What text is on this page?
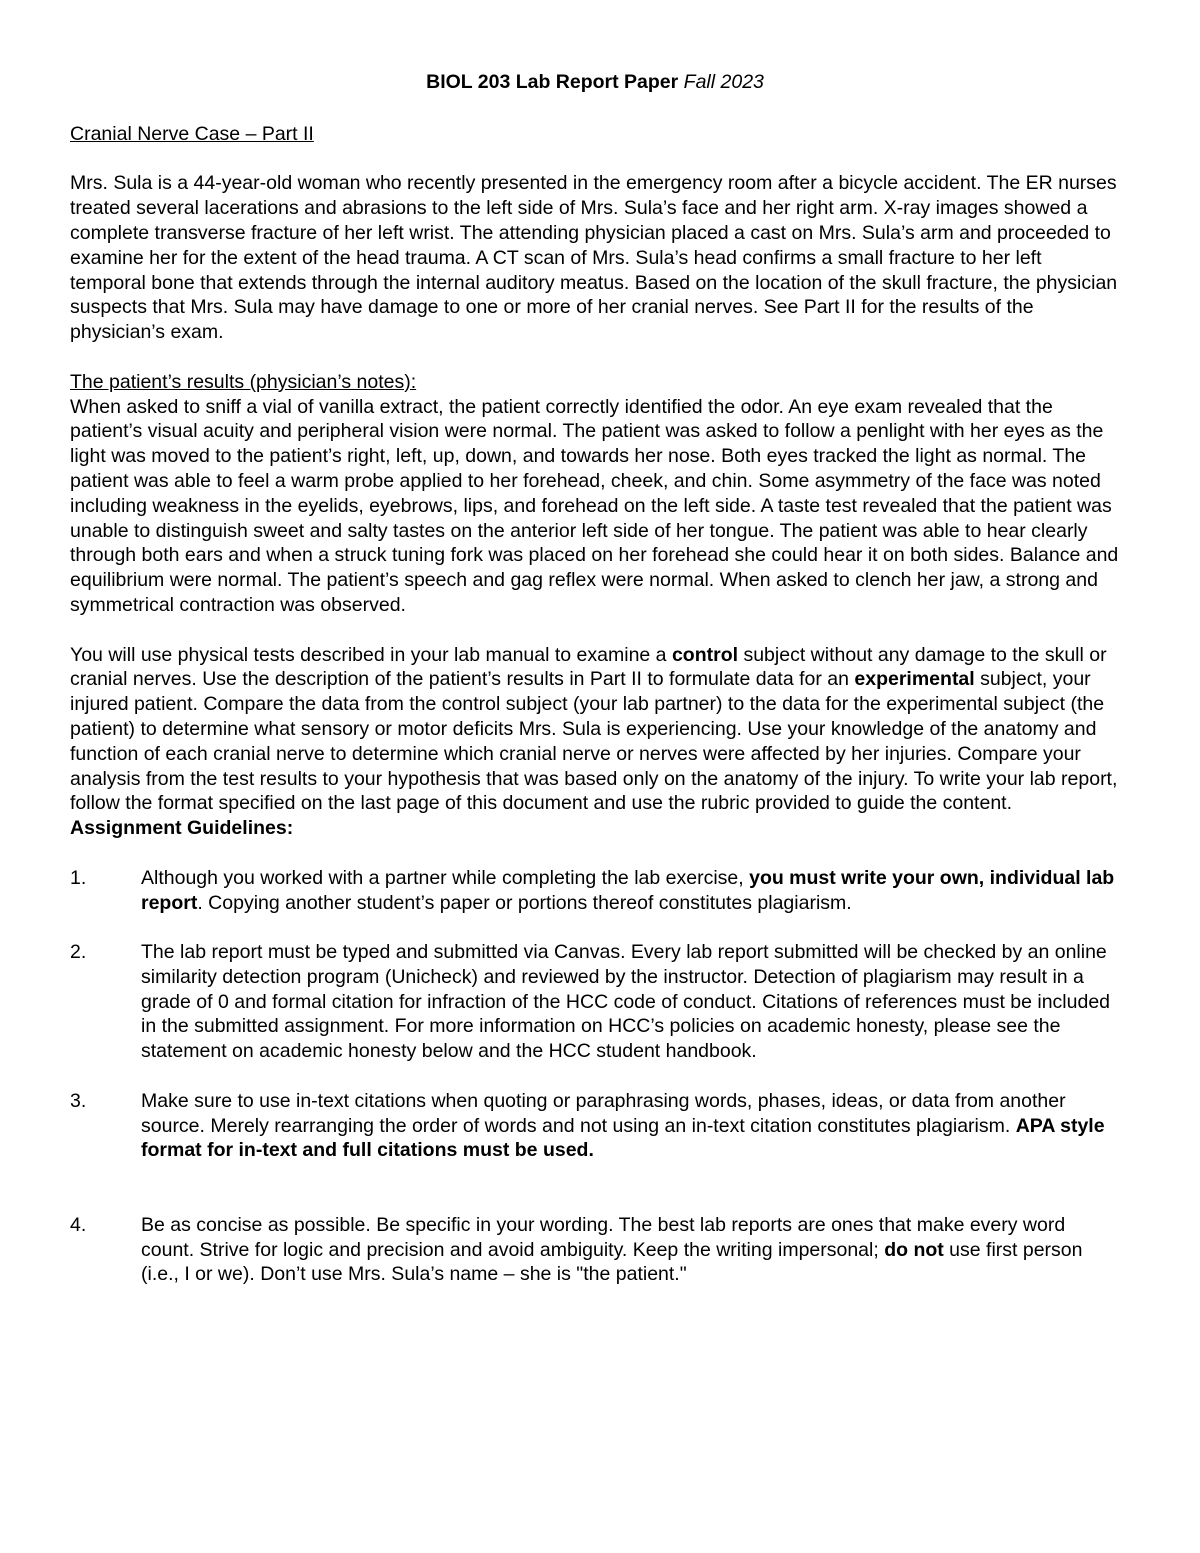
BIOL 203 Lab Report Paper Fall 2023

Cranial Nerve Case – Part II

Mrs. Sula is a 44-year-old woman who recently presented in the emergency room after a bicycle accident. The ER nurses treated several lacerations and abrasions to the left side of Mrs. Sula’s face and her right arm. X-ray images showed a complete transverse fracture of her left wrist. The attending physician placed a cast on Mrs. Sula’s arm and proceeded to examine her for the extent of the head trauma. A CT scan of Mrs. Sula’s head confirms a small fracture to her left temporal bone that extends through the internal auditory meatus. Based on the location of the skull fracture, the physician suspects that Mrs. Sula may have damage to one or more of her cranial nerves. See Part II for the results of the physician’s exam.

The patient’s results (physician’s notes):

When asked to sniff a vial of vanilla extract, the patient correctly identified the odor. An eye exam revealed that the patient’s visual acuity and peripheral vision were normal. The patient was asked to follow a penlight with her eyes as the light was moved to the patient’s right, left, up, down, and towards her nose. Both eyes tracked the light as normal. The patient was able to feel a warm probe applied to her forehead, cheek, and chin. Some asymmetry of the face was noted including weakness in the eyelids, eyebrows, lips, and forehead on the left side. A taste test revealed that the patient was unable to distinguish sweet and salty tastes on the anterior left side of her tongue. The patient was able to hear clearly through both ears and when a struck tuning fork was placed on her forehead she could hear it on both sides. Balance and equilibrium were normal. The patient’s speech and gag reflex were normal. When asked to clench her jaw, a strong and symmetrical contraction was observed.

You will use physical tests described in your lab manual to examine a control subject without any damage to the skull or cranial nerves. Use the description of the patient’s results in Part II to formulate data for an experimental subject, your injured patient. Compare the data from the control subject (your lab partner) to the data for the experimental subject (the patient) to determine what sensory or motor deficits Mrs. Sula is experiencing. Use your knowledge of the anatomy and function of each cranial nerve to determine which cranial nerve or nerves were affected by her injuries. Compare your analysis from the test results to your hypothesis that was based only on the anatomy of the injury. To write your lab report, follow the format specified on the last page of this document and use the rubric provided to guide the content.

Assignment Guidelines:

1.	Although you worked with a partner while completing the lab exercise, you must write your own, individual lab report. Copying another student’s paper or portions thereof constitutes plagiarism.
2.	The lab report must be typed and submitted via Canvas. Every lab report submitted will be checked by an online similarity detection program (Unicheck) and reviewed by the instructor. Detection of plagiarism may result in a grade of 0 and formal citation for infraction of the HCC code of conduct. Citations of references must be included in the submitted assignment. For more information on HCC’s policies on academic honesty, please see the statement on academic honesty below and the HCC student handbook.
3.	Make sure to use in-text citations when quoting or paraphrasing words, phases, ideas, or data from another source. Merely rearranging the order of words and not using an in-text citation constitutes plagiarism. APA style format for in-text and full citations must be used.
4.	Be as concise as possible. Be specific in your wording. The best lab reports are ones that make every word count. Strive for logic and precision and avoid ambiguity. Keep the writing impersonal; do not use first person (i.e., I or we). Don’t use Mrs. Sula’s name – she is "the patient."
